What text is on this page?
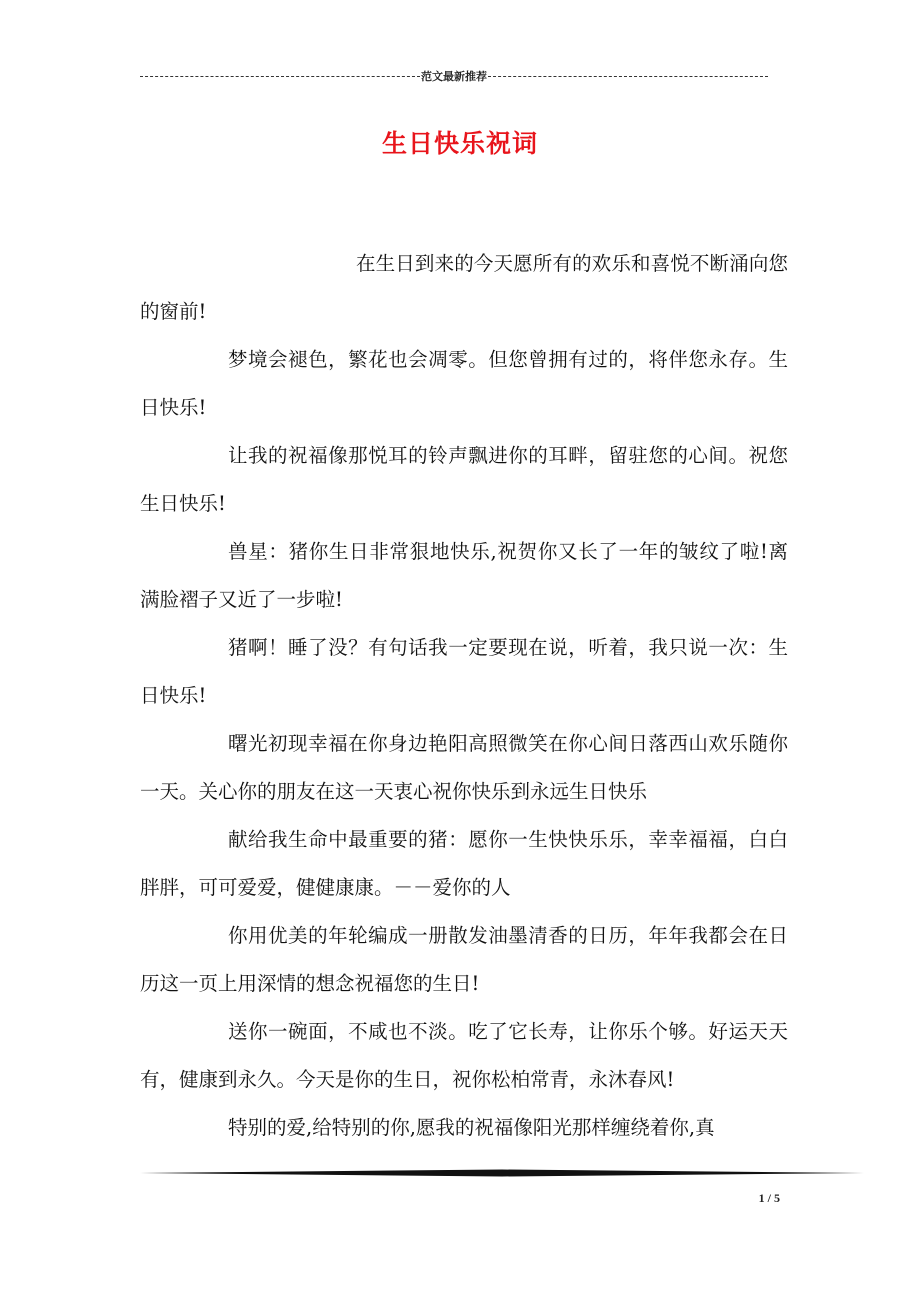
范文最新推荐
生日快乐祝词

在生日到来的今天愿所有的欢乐和喜悦不断涌向您的窗前!

梦境会褪色，繁花也会凋零。但您曾拥有过的，将伴您永存。生日快乐!

让我的祝福像那悦耳的铃声飘进你的耳畔，留驻您的心间。祝您生日快乐!

兽星：猪你生日非常狠地快乐,祝贺你又长了一年的皱纹了啦!离满脸褶子又近了一步啦!

猪啊！睡了没？有句话我一定要现在说，听着，我只说一次：生日快乐!

曙光初现幸福在你身边艳阳高照微笑在你心间日落西山欢乐随你一天。关心你的朋友在这一天衷心祝你快乐到永远生日快乐

献给我生命中最重要的猪：愿你一生快快乐乐，幸幸福福，白白胖胖，可可爱爱，健健康康。－－爱你的人

你用优美的年轮编成一册散发油墨清香的日历，年年我都会在日历这一页上用深情的想念祝福您的生日!

送你一碗面，不咸也不淡。吃了它长寿，让你乐个够。好运天天有，健康到永久。今天是你的生日，祝你松柏常青，永沐春风!

特别的爱,给特别的你,愿我的祝福像阳光那样缠绕着你,真

1 / 5
